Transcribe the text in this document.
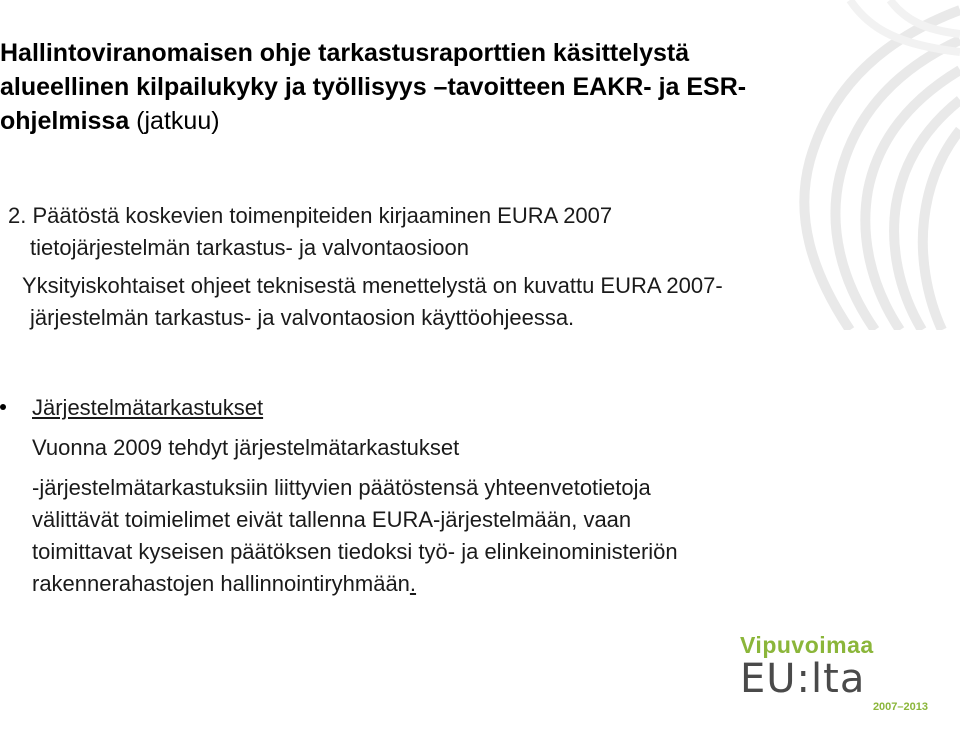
Hallintoviranomaisen ohje tarkastusraporttien käsittelystä
alueellinen kilpailukyky ja työllisyys –tavoitteen EAKR- ja ESR-
ohjelmissa (jatkuu)
2. Päätöstä koskevien toimenpiteiden kirjaaminen EURA 2007
tietojärjestelmän tarkastus- ja valvontaosioon
Yksityiskohtaiset ohjeet teknisestä menettelystä on kuvattu EURA 2007-
järjestelmän tarkastus- ja valvontaosion käyttöohjeessa.
Järjestelmätarkastukset
Vuonna 2009 tehdyt järjestelmätarkastukset
-järjestelmätarkastuksiin liittyvien päätöstensä yhteenvetotietoja
välittävät toimielimet eivät tallenna EURA-järjestelmään, vaan
toimittavat kyseisen päätöksen tiedoksi työ- ja elinkeinoministeriön
rakennerahastojen hallinnointiryhmään.
Vipuvoimaa
EU:lta
2007–2013
